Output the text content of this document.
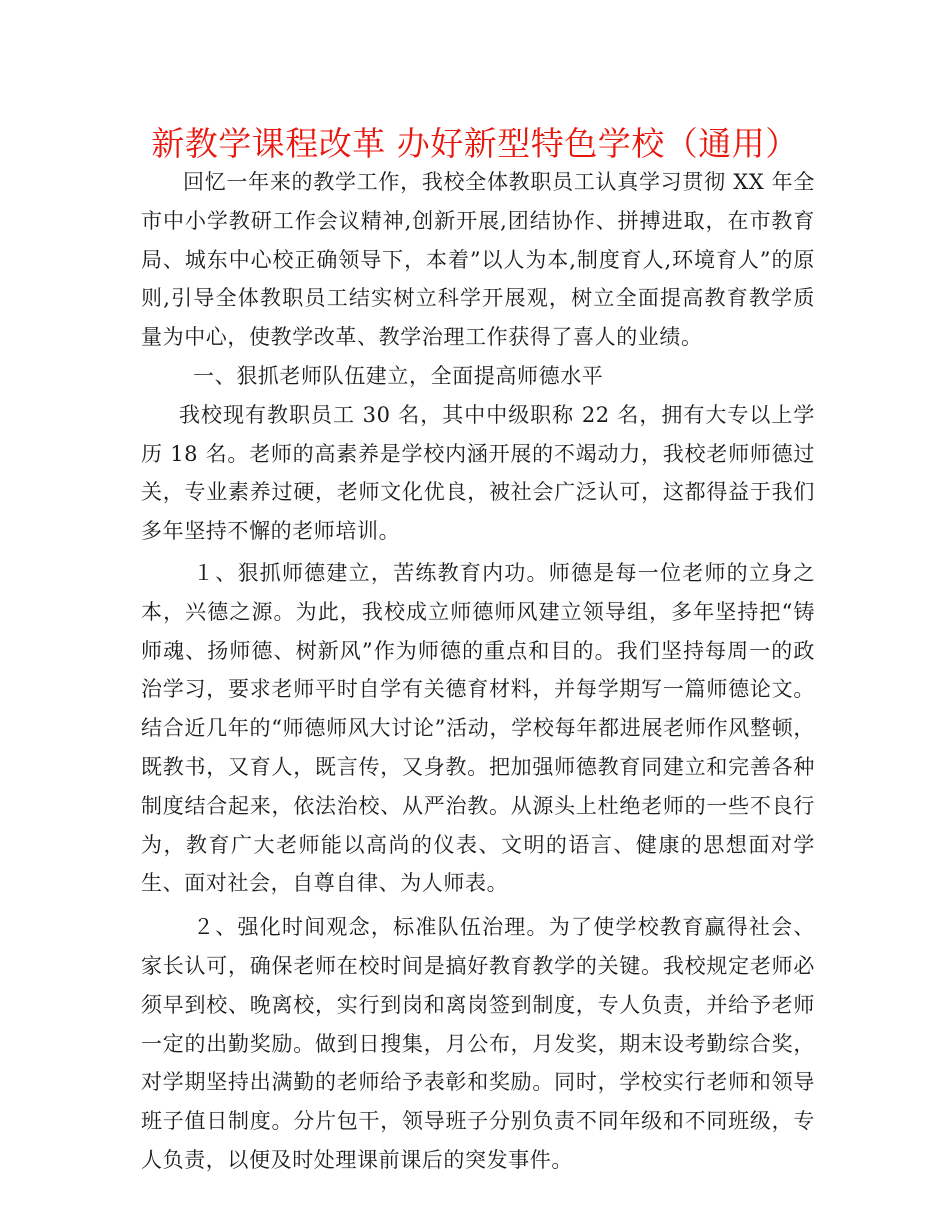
新教学课程改革 办好新型特色学校（通用）

回忆一年来的教学工作，我校全体教职员工认真学习贯彻 XX 年全市中小学教研工作会议精神,创新开展,团结协作、拼搏进取，在市教育局、城东中心校正确领导下，本着”以人为本,制度育人,环境育人”的原则,引导全体教职员工结实树立科学开展观，树立全面提高教育教学质量为中心，使教学改革、教学治理工作获得了喜人的业绩。

一、狠抓老师队伍建立，全面提高师德水平

我校现有教职员工 30 名，其中中级职称 22 名，拥有大专以上学历 18 名。老师的高素养是学校内涵开展的不竭动力，我校老师师德过关，专业素养过硬，老师文化优良，被社会广泛认可，这都得益于我们多年坚持不懈的老师培训。

１、狠抓师德建立，苦练教育内功。师德是每一位老师的立身之本，兴德之源。为此，我校成立师德师风建立领导组，多年坚持把“铸师魂、扬师德、树新风”作为师德的重点和目的。我们坚持每周一的政治学习，要求老师平时自学有关德育材料，并每学期写一篇师德论文。结合近几年的“师德师风大讨论”活动，学校每年都进展老师作风整顿，既教书，又育人，既言传，又身教。把加强师德教育同建立和完善各种制度结合起来，依法治校、从严治教。从源头上杜绝老师的一些不良行为，教育广大老师能以高尚的仪表、文明的语言、健康的思想面对学生、面对社会，自尊自律、为人师表。

２、强化时间观念，标准队伍治理。为了使学校教育赢得社会、家长认可，确保老师在校时间是搞好教育教学的关键。我校规定老师必须早到校、晚离校，实行到岗和离岗签到制度，专人负责，并给予老师一定的出勤奖励。做到日搜集，月公布，月发奖，期末设考勤综合奖，对学期坚持出满勤的老师给予表彰和奖励。同时，学校实行老师和领导班子值日制度。分片包干，领导班子分别负责不同年级和不同班级，专人负责，以便及时处理课前课后的突发事件。
